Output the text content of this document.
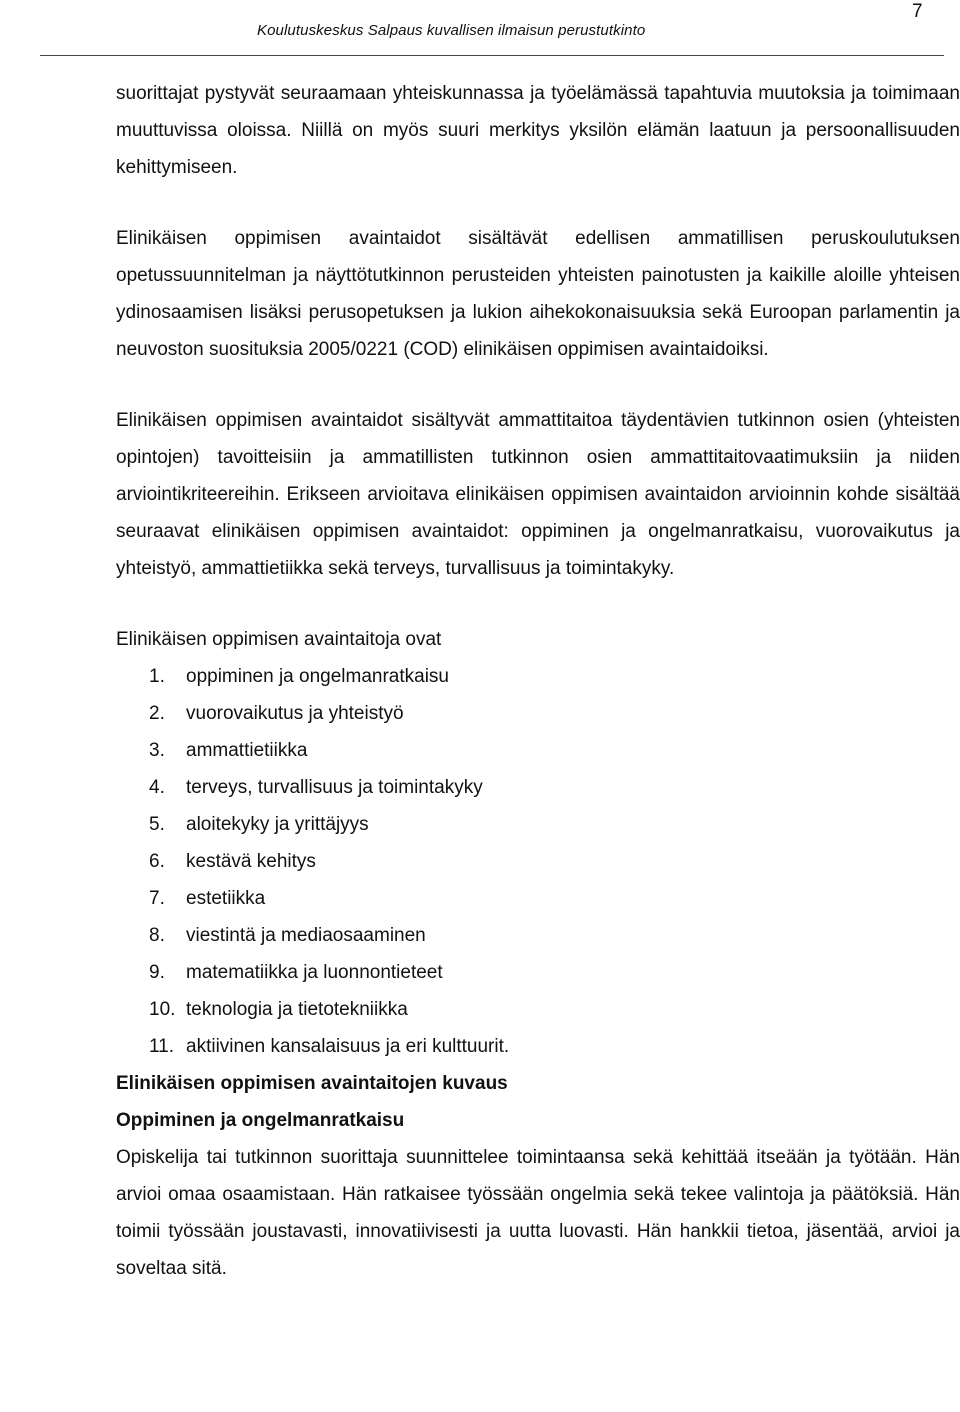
7
Koulutuskeskus Salpaus kuvallisen ilmaisun perustutkinto

suorittajat pystyvät seuraamaan yhteiskunnassa ja työelämässä tapahtuvia muutoksia ja toimimaan muuttuvissa oloissa. Niillä on myös suuri merkitys yksilön elämän laatuun ja persoonallisuuden kehittymiseen.

Elinikäisen oppimisen avaintaidot sisältävät edellisen ammatillisen peruskoulutuksen opetussuunnitelman ja näyttötutkinnon perusteiden yhteisten painotusten ja kaikille aloille yhteisen ydinosaamisen lisäksi perusopetuksen ja lukion aihekokonaisuuksia sekä Euroopan parlamentin ja neuvoston suosituksia 2005/0221 (COD) elinikäisen oppimisen avaintaidoiksi.

Elinikäisen oppimisen avaintaidot sisältyvät ammattitaitoa täydentävien tutkinnon osien (yhteisten opintojen) tavoitteisiin ja ammatillisten tutkinnon osien ammattitaitovaatimuksiin ja niiden arviointikriteereihin. Erikseen arvioitava elinikäisen oppimisen avaintaidon arvioinnin kohde sisältää seuraavat elinikäisen oppimisen avaintaidot: oppiminen ja ongelmanratkaisu, vuorovaikutus ja yhteistyö, ammattietiikka sekä terveys, turvallisuus ja toimintakyky.

Elinikäisen oppimisen avaintaitoja ovat

1.	oppiminen ja ongelmanratkaisu
2.	vuorovaikutus ja yhteistyö
3.	ammattietiikka
4.	terveys, turvallisuus ja toimintakyky
5.	aloitekyky ja yrittäjyys
6.	kestävä kehitys
7.	estetiikka
8.	viestintä ja mediaosaaminen
9.	matematiikka ja luonnontieteet
10. teknologia ja tietotekniikka
11. aktiivinen kansalaisuus ja eri kulttuurit.
Elinikäisen oppimisen avaintaitojen kuvaus
Oppiminen ja ongelmanratkaisu

Opiskelija tai tutkinnon suorittaja suunnittelee toimintaansa sekä kehittää itseään ja työtään. Hän arvioi omaa osaamistaan. Hän ratkaisee työssään ongelmia sekä tekee valintoja ja päätöksiä. Hän toimii työssään joustavasti, innovatiivisesti ja uutta luovasti. Hän hankkii tietoa, jäsentää, arvioi ja soveltaa sitä.
